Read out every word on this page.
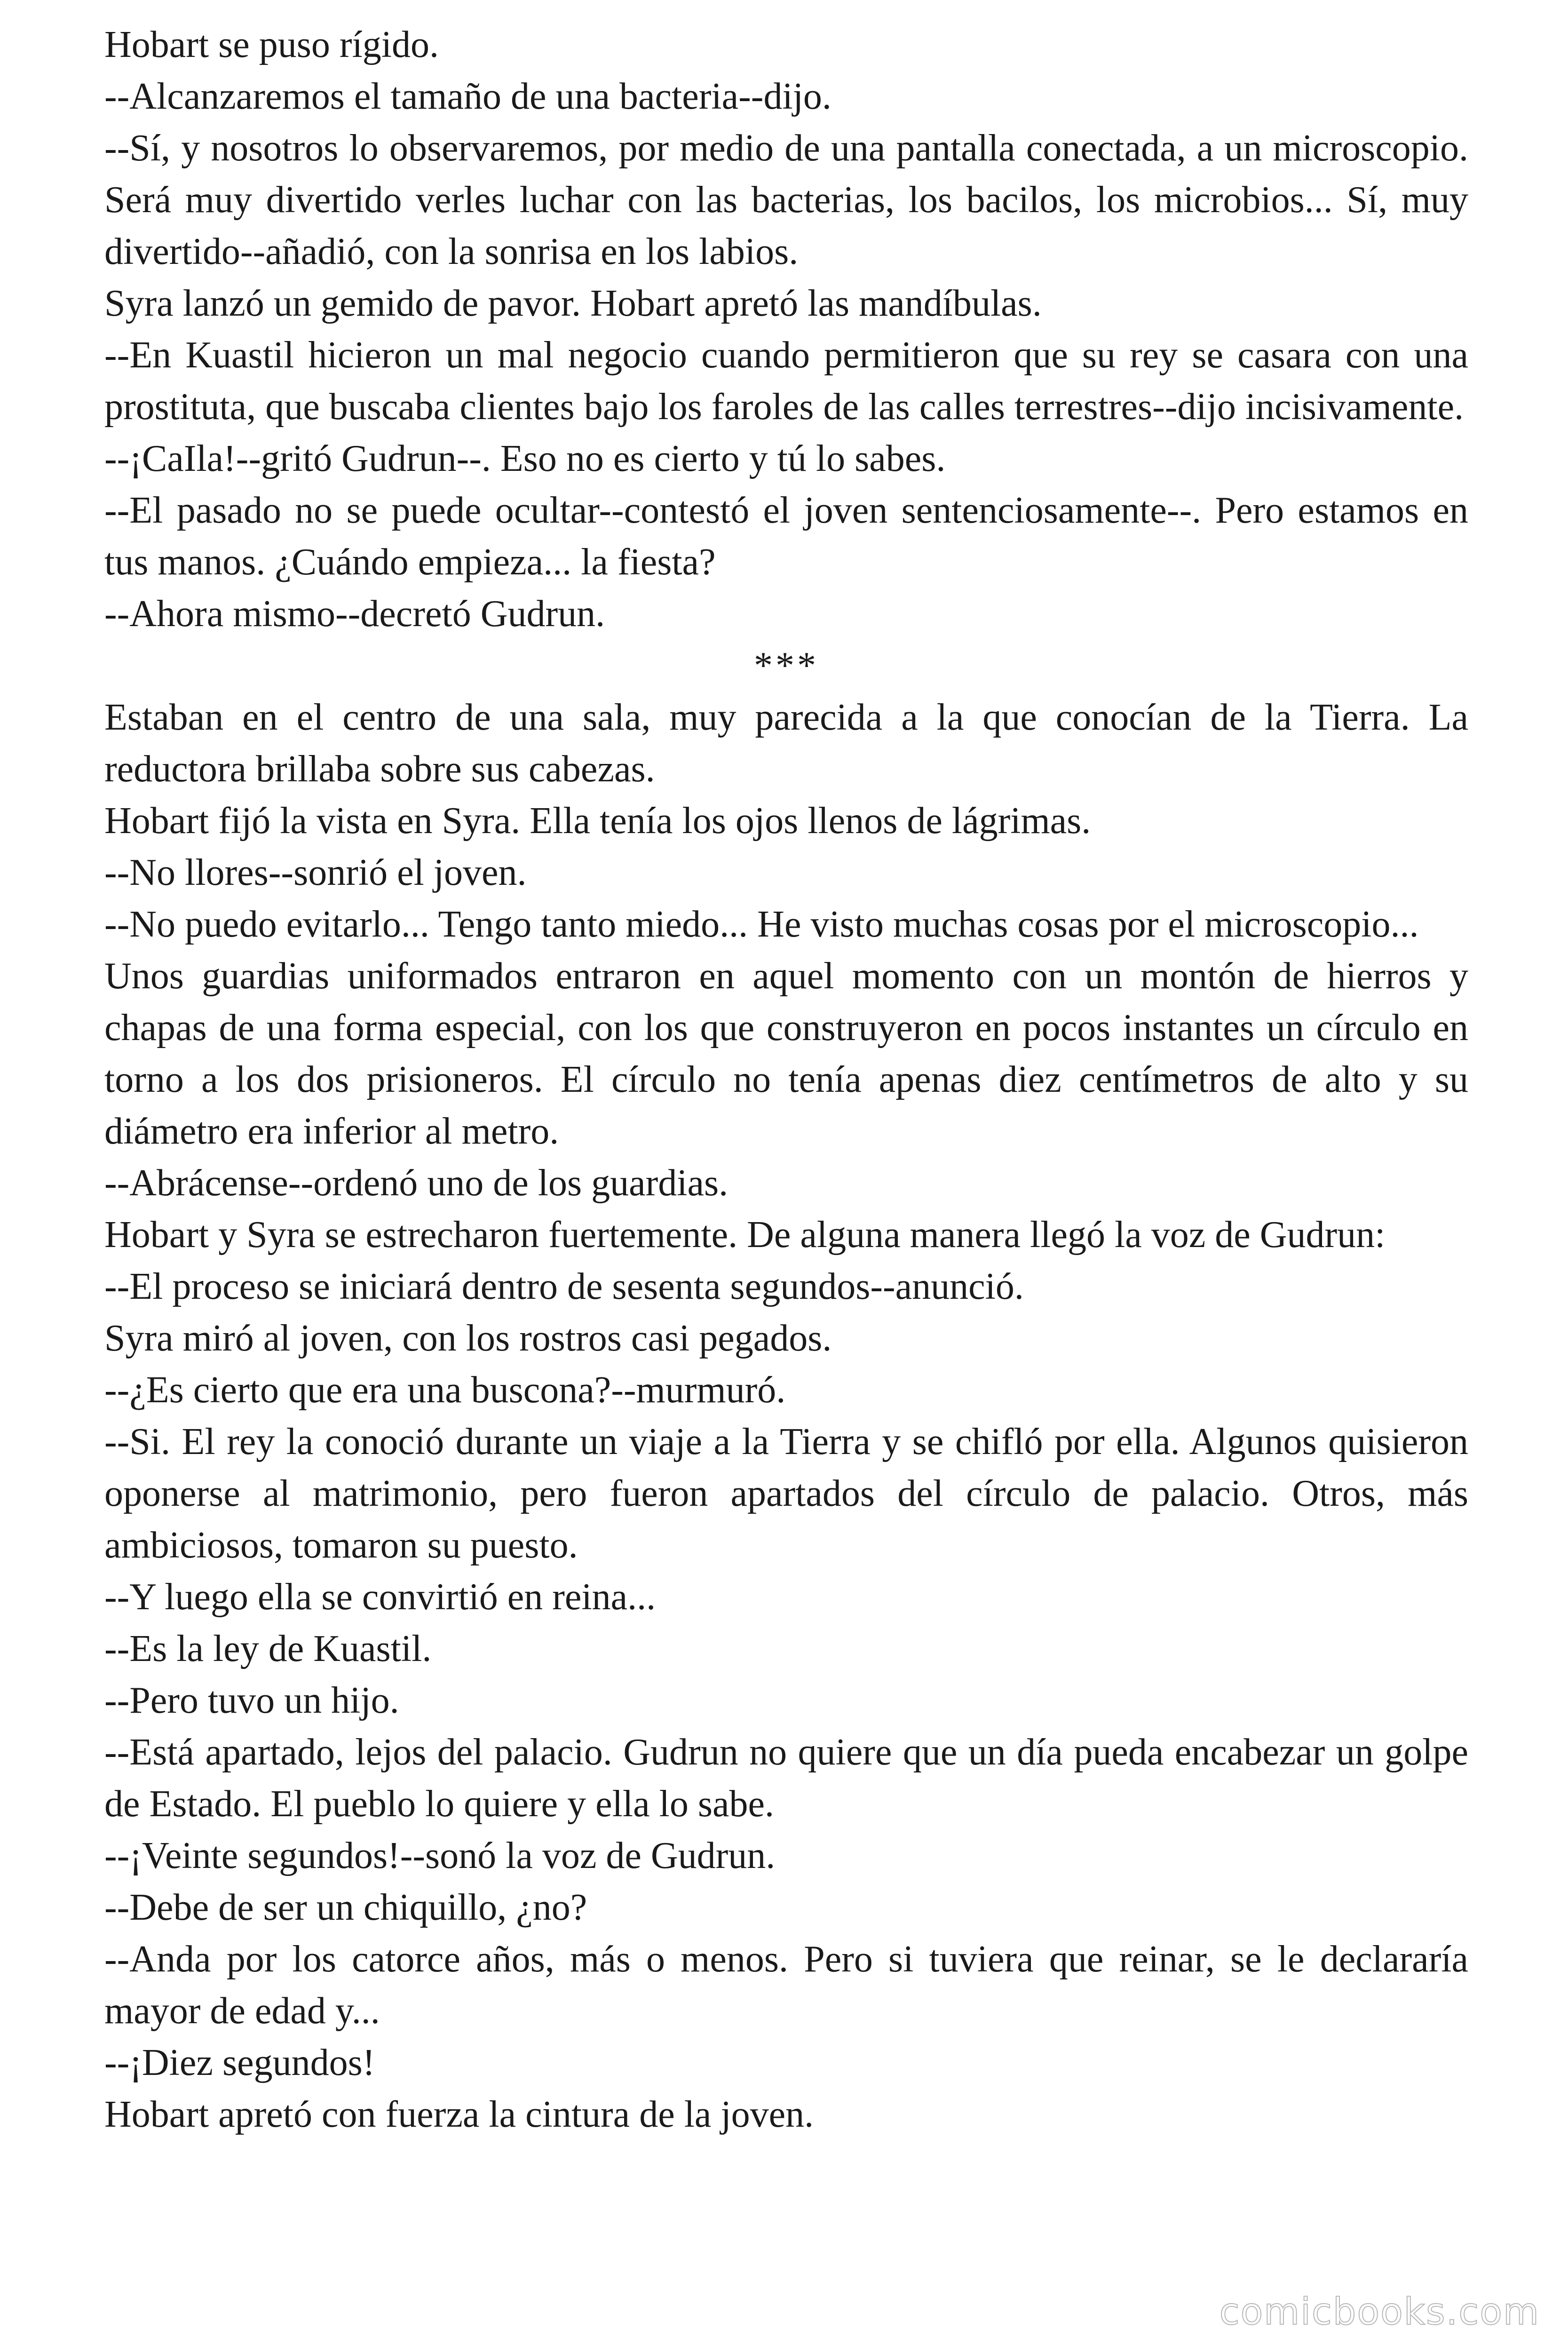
Hobart se puso rígido.

--Alcanzaremos el tamaño de una bacteria--dijo.

--Sí, y nosotros lo observaremos, por medio de una pantalla conectada, a un microscopio. Será muy divertido verles luchar con las bacterias, los bacilos, los microbios... Sí, muy divertido--añadió, con la sonrisa en los labios.

Syra lanzó un gemido de pavor. Hobart apretó las mandíbulas.

--En Kuastil hicieron un mal negocio cuando permitieron que su rey se casara con una prostituta, que buscaba clientes bajo los faroles de las calles terrestres--dijo incisivamente.

--¡CaIla!--gritó Gudrun--. Eso no es cierto y tú lo sabes.

--El pasado no se puede ocultar--contestó el joven sentenciosamente--. Pero estamos en tus manos. ¿Cuándo empieza... la fiesta?

--Ahora mismo--decretó Gudrun.

***

Estaban en el centro de una sala, muy parecida a la que conocían de la Tierra. La reductora brillaba sobre sus cabezas.

Hobart fijó la vista en Syra. Ella tenía los ojos llenos de lágrimas.

--No llores--sonrió el joven.

--No puedo evitarlo... Tengo tanto miedo... He visto muchas cosas por el microscopio...

Unos guardias uniformados entraron en aquel momento con un montón de hierros y chapas de una forma especial, con los que construyeron en pocos instantes un círculo en torno a los dos prisioneros. El círculo no tenía apenas diez centímetros de alto y su diámetro era inferior al metro.

--Abrácense--ordenó uno de los guardias.

Hobart y Syra se estrecharon fuertemente. De alguna manera llegó la voz de Gudrun:

--El proceso se iniciará dentro de sesenta segundos--anunció.

Syra miró al joven, con los rostros casi pegados.

--¿Es cierto que era una buscona?--murmuró.

--Si. El rey la conoció durante un viaje a la Tierra y se chifló por ella. Algunos quisieron oponerse al matrimonio, pero fueron apartados del círculo de palacio. Otros, más ambiciosos, tomaron su puesto.

--Y luego ella se convirtió en reina...

--Es la ley de Kuastil.

--Pero tuvo un hijo.

--Está apartado, lejos del palacio. Gudrun no quiere que un día pueda encabezar un golpe de Estado. El pueblo lo quiere y ella lo sabe.

--¡Veinte segundos!--sonó la voz de Gudrun.

--Debe de ser un chiquillo, ¿no?

--Anda por los catorce años, más o menos. Pero si tuviera que reinar, se le declararía mayor de edad y...

--¡Diez segundos!

Hobart apretó con fuerza la cintura de la joven.

comicbooks.com
